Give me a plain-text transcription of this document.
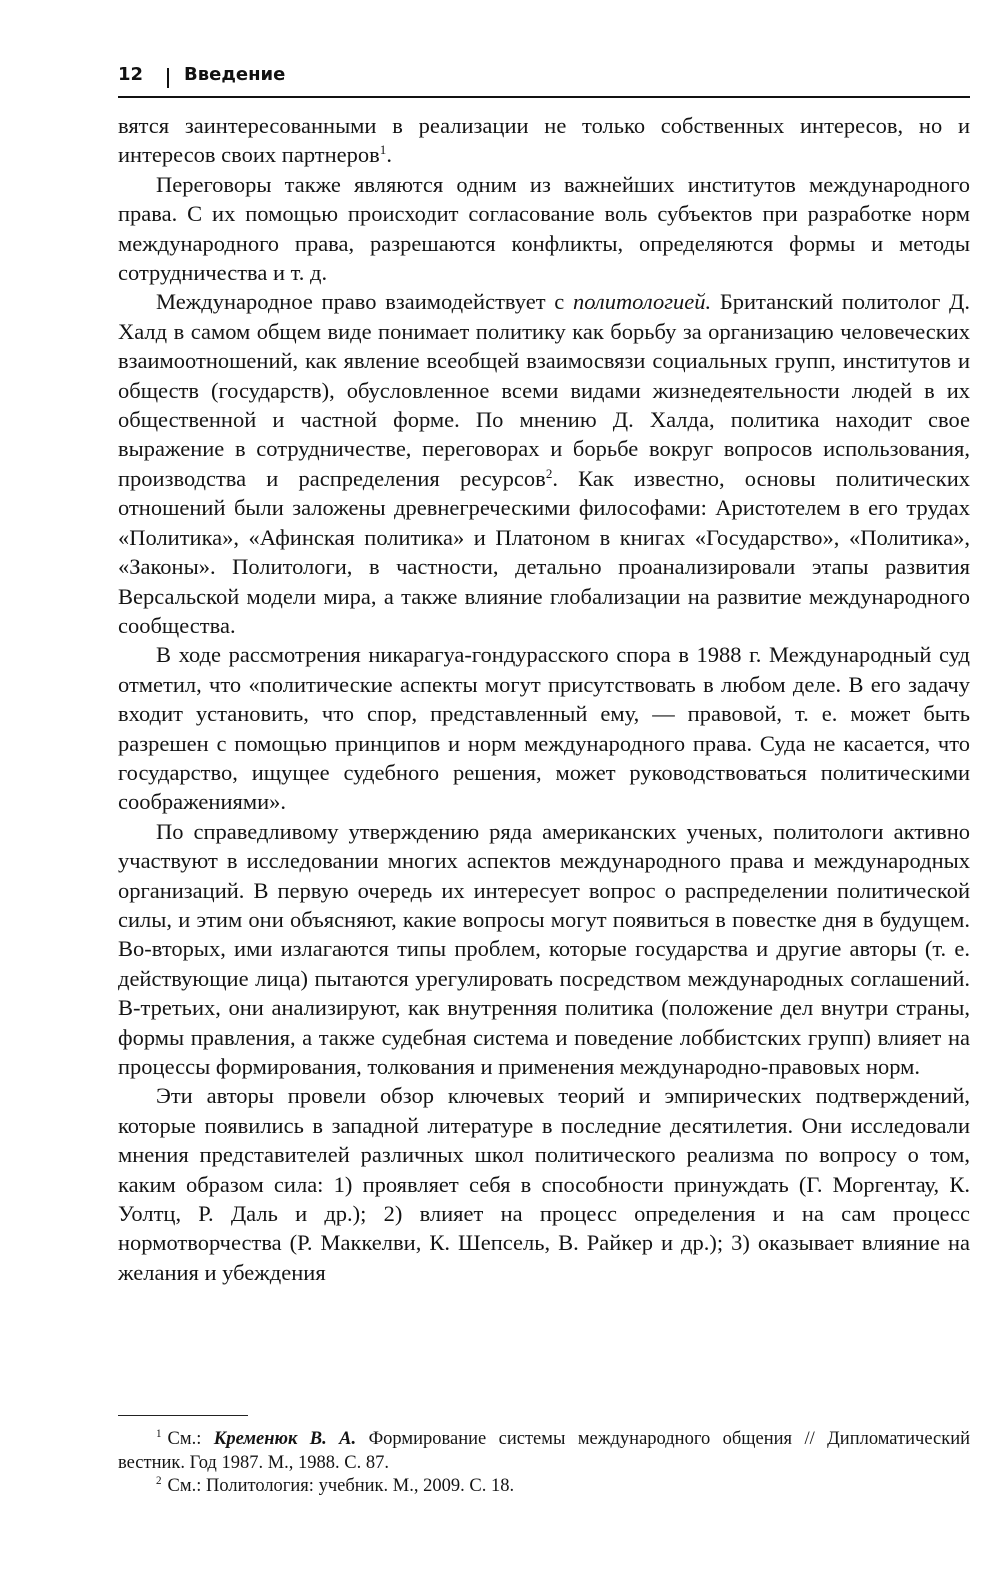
12 Введение

вятся заинтересованными в реализации не только собственных интересов, но и интересов своих партнеров$^1$.

Переговоры также являются одним из важнейших институтов международного права. С их помощью происходит согласование воль субъектов при разработке норм международного права, разрешаются конфликты, определяются формы и методы сотрудничества и т. д.

Международное право взаимодействует с политологией. Британский политолог Д. Халд в самом общем виде понимает политику как борьбу за организацию человеческих взаимоотношений, как явление всеобщей взаимосвязи социальных групп, институтов и обществ (государств), обусловленное всеми видами жизнедеятельности людей в их общественной и частной форме. По мнению Д. Халда, политика находит свое выражение в сотрудничестве, переговорах и борьбе вокруг вопросов использования, производства и распределения ресурсов$^2$. Как известно, основы политических отношений были заложены древнегреческими философами: Аристотелем в его трудах «Политика», «Афинская политика» и Платоном в книгах «Государство», «Политика», «Законы». Политологи, в частности, детально проанализировали этапы развития Версальской модели мира, а также влияние глобализации на развитие международного сообщества.

В ходе рассмотрения никарагуа-гондурасского спора в 1988 г. Международный суд отметил, что «политические аспекты могут присутствовать в любом деле. В его задачу входит установить, что спор, представленный ему, — правовой, т. е. может быть разрешен с помощью принципов и норм международного права. Суда не касается, что государство, ищущее судебного решения, может руководствоваться политическими соображениями».

По справедливому утверждению ряда американских ученых, политологи активно участвуют в исследовании многих аспектов международного права и международных организаций. В первую очередь их интересует вопрос о распределении политической силы, и этим они объясняют, какие вопросы могут появиться в повестке дня в будущем. Во-вторых, ими излагаются типы проблем, которые государства и другие авторы (т. е. действующие лица) пытаются урегулировать посредством международных соглашений. В-третьих, они анализируют, как внутренняя политика (положение дел внутри страны, формы правления, а также судебная система и поведение лоббистских групп) влияет на процессы формирования, толкования и применения международно-правовых норм.

Эти авторы провели обзор ключевых теорий и эмпирических подтверждений, которые появились в западной литературе в последние десятилетия. Они исследовали мнения представителей различных школ политического реализма по вопросу о том, каким образом сила: 1) проявляет себя в способности принуждать (Г. Моргентау, К. Уолтц, Р. Даль и др.); 2) влияет на процесс определения и на сам процесс нормотворчества (Р. Маккелви, К. Шепсель, В. Райкер и др.); 3) оказывает влияние на желания и убеждения

$^1$ См.: Кременюк В. А. Формирование системы международного общения // Дипломатический вестник. Год 1987. М., 1988. С. 87.

$^2$ См.: Политология: учебник. М., 2009. С. 18.
